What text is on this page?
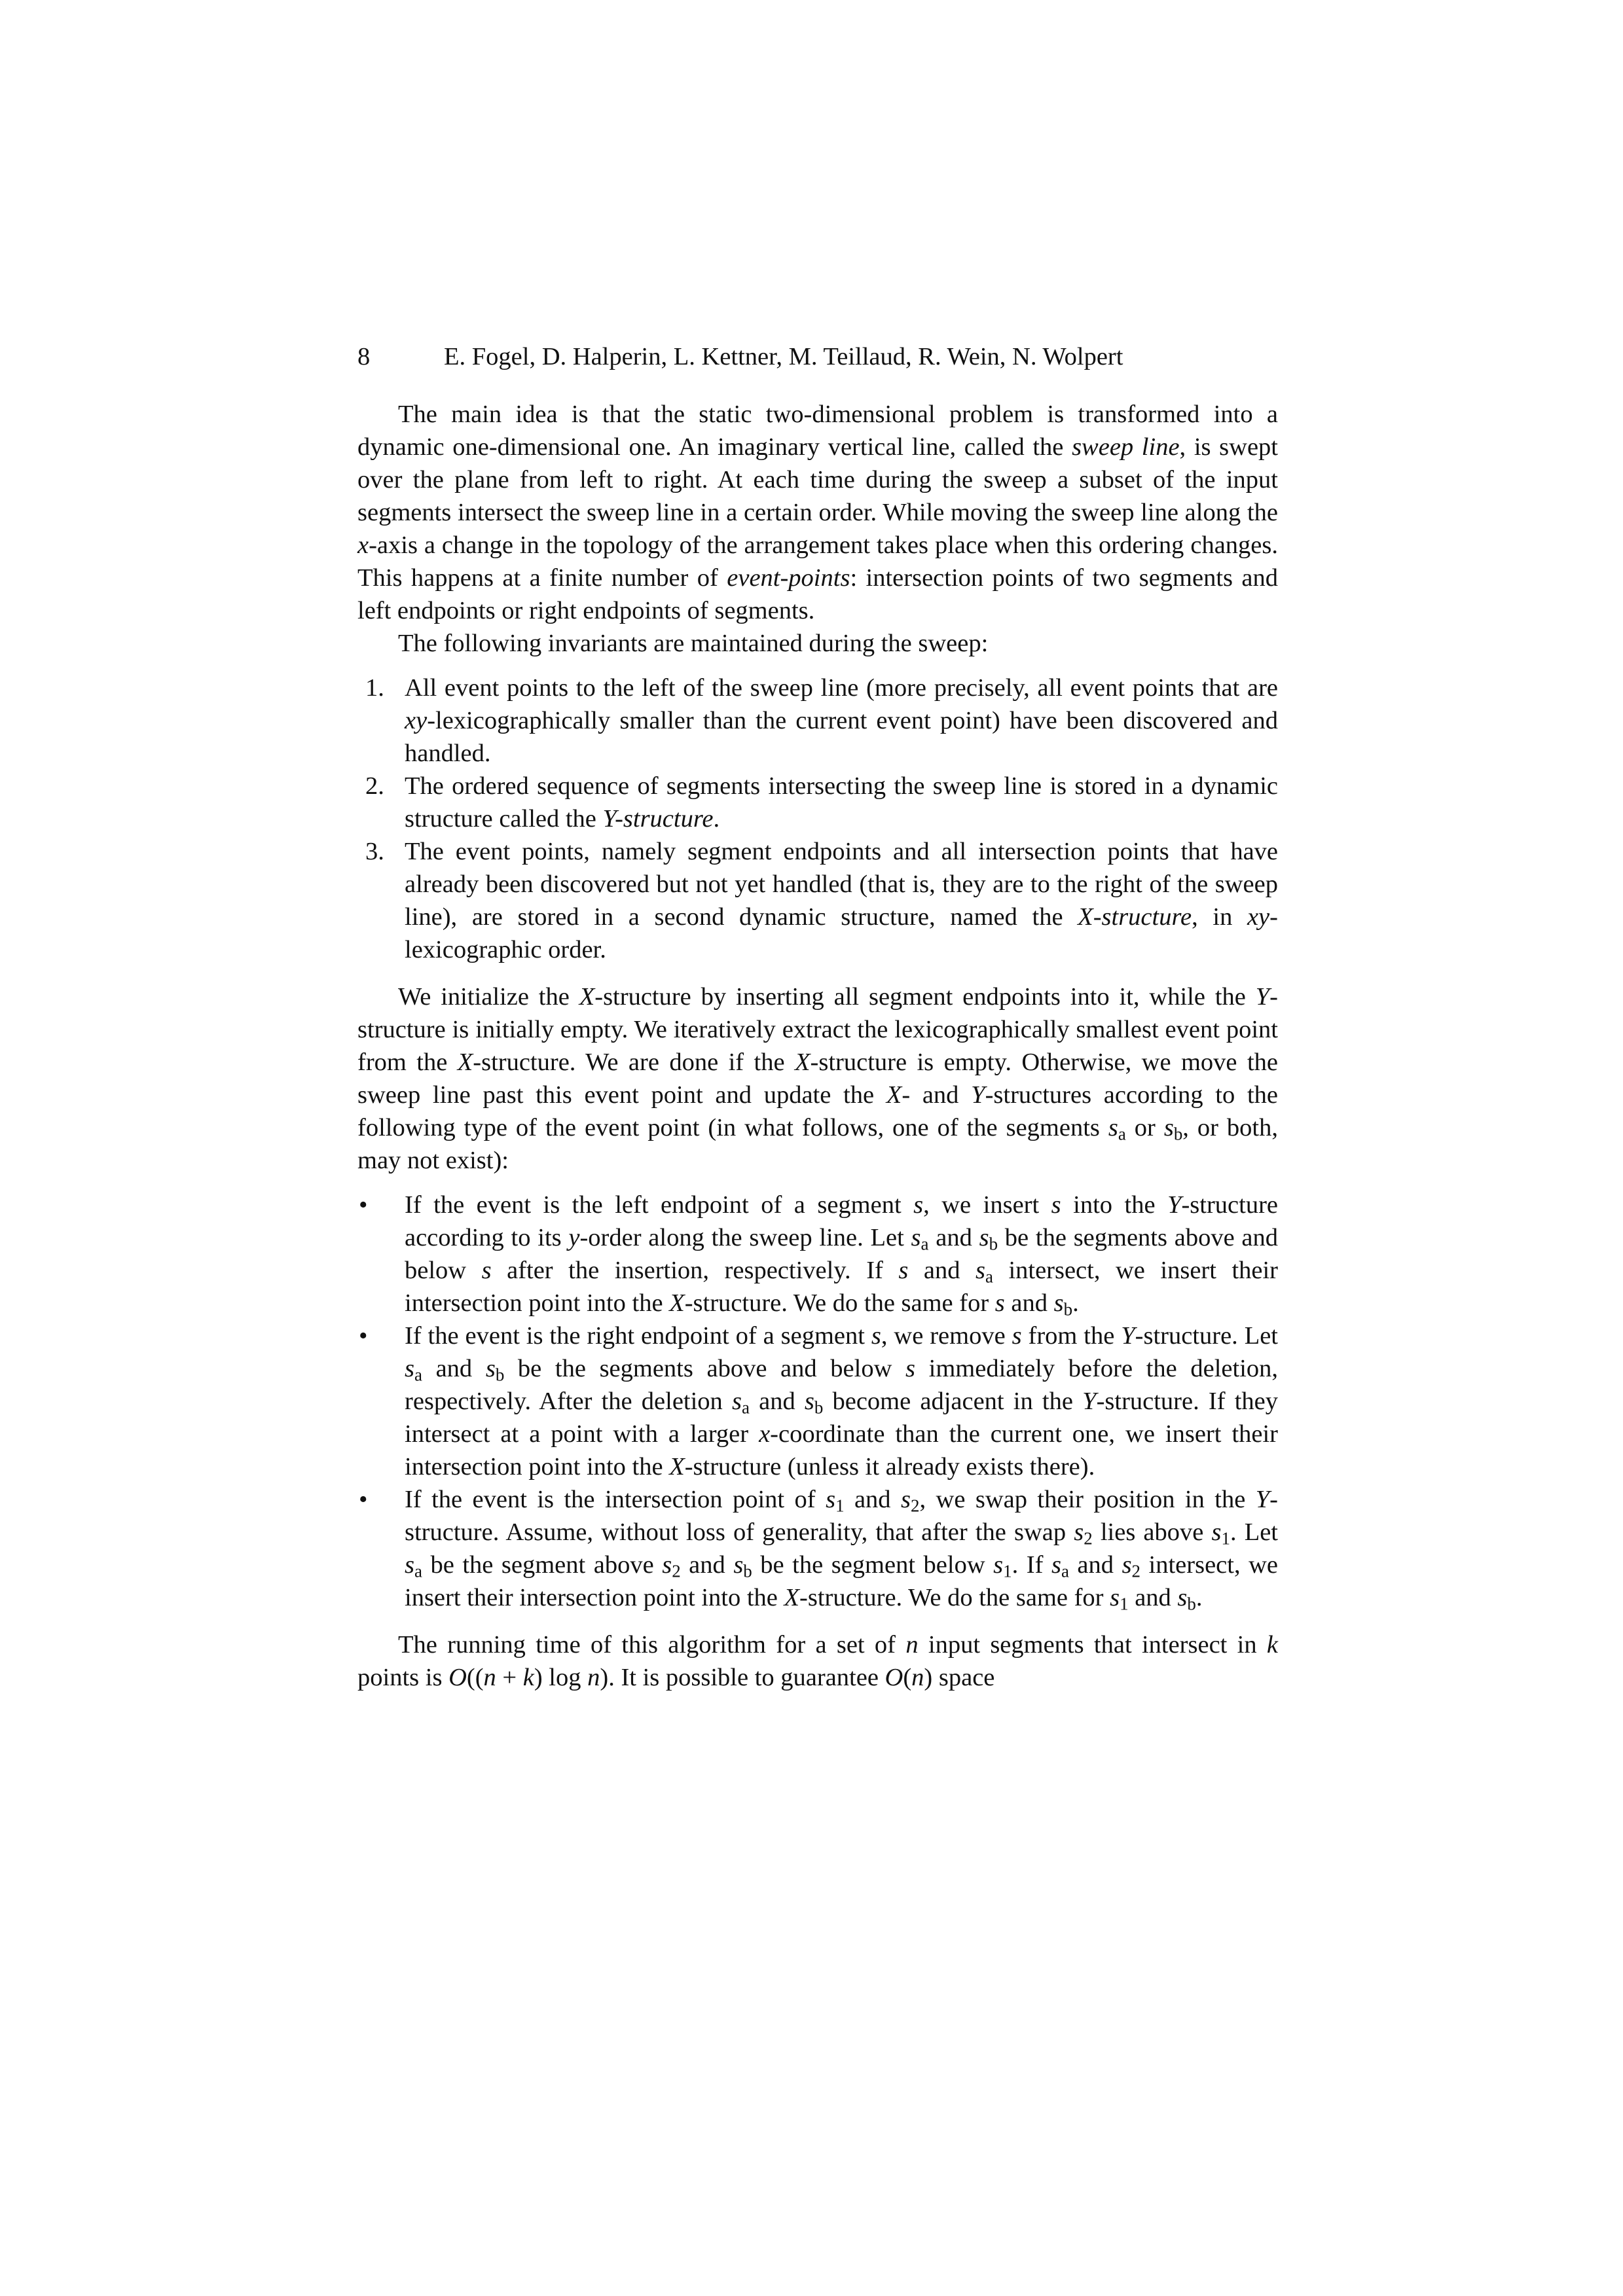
8	E. Fogel, D. Halperin, L. Kettner, M. Teillaud, R. Wein, N. Wolpert

The main idea is that the static two-dimensional problem is transformed into a dynamic one-dimensional one. An imaginary vertical line, called the sweep line, is swept over the plane from left to right. At each time during the sweep a subset of the input segments intersect the sweep line in a certain order. While moving the sweep line along the x-axis a change in the topology of the arrangement takes place when this ordering changes. This happens at a finite number of event-points: intersection points of two segments and left endpoints or right endpoints of segments.

The following invariants are maintained during the sweep:

1. All event points to the left of the sweep line (more precisely, all event points that are xy-lexicographically smaller than the current event point) have been discovered and handled.
2. The ordered sequence of segments intersecting the sweep line is stored in a dynamic structure called the Y-structure.
3. The event points, namely segment endpoints and all intersection points that have already been discovered but not yet handled (that is, they are to the right of the sweep line), are stored in a second dynamic structure, named the X-structure, in xy-lexicographic order.

We initialize the X-structure by inserting all segment endpoints into it, while the Y-structure is initially empty. We iteratively extract the lexicographically smallest event point from the X-structure. We are done if the X-structure is empty. Otherwise, we move the sweep line past this event point and update the X- and Y-structures according to the following type of the event point (in what follows, one of the segments $s_a$ or $s_b$, or both, may not exist):

• If the event is the left endpoint of a segment s, we insert s into the Y-structure according to its y-order along the sweep line. Let $s_a$ and $s_b$ be the segments above and below s after the insertion, respectively. If s and $s_a$ intersect, we insert their intersection point into the X-structure. We do the same for s and $s_b$.
• If the event is the right endpoint of a segment s, we remove s from the Y-structure. Let $s_a$ and $s_b$ be the segments above and below s immediately before the deletion, respectively. After the deletion $s_a$ and $s_b$ become adjacent in the Y-structure. If they intersect at a point with a larger x-coordinate than the current one, we insert their intersection point into the X-structure (unless it already exists there).
• If the event is the intersection point of $s_1$ and $s_2$, we swap their position in the Y-structure. Assume, without loss of generality, that after the swap $s_2$ lies above $s_1$. Let $s_a$ be the segment above $s_2$ and $s_b$ be the segment below $s_1$. If $s_a$ and $s_2$ intersect, we insert their intersection point into the X-structure. We do the same for $s_1$ and $s_b$.

The running time of this algorithm for a set of n input segments that intersect in k points is O((n + k) log n). It is possible to guarantee O(n) space
